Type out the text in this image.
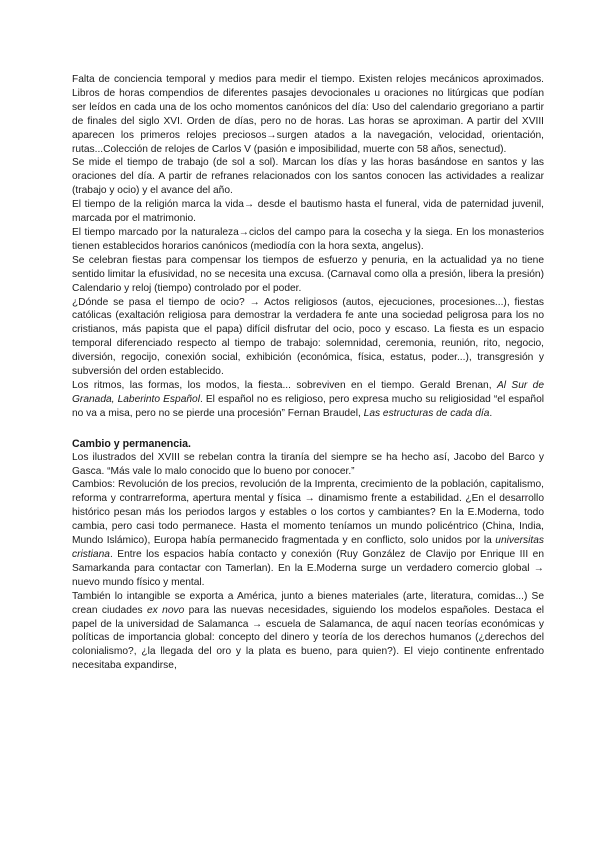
Falta de conciencia temporal y medios para medir el tiempo. Existen relojes mecánicos aproximados. Libros de horas compendios de diferentes pasajes devocionales u oraciones no litúrgicas que podían ser leídos en cada una de los ocho momentos canónicos del día: Uso del calendario gregoriano a partir de finales del siglo XVI. Orden de días, pero no de horas. Las horas se aproximan. A partir del XVIII aparecen los primeros relojes preciosos→surgen atados a la navegación, velocidad, orientación, rutas...Colección de relojes de Carlos V (pasión e imposibilidad, muerte con 58 años, senectud).

Se mide el tiempo de trabajo (de sol a sol). Marcan los días y las horas basándose en santos y las oraciones del día. A partir de refranes relacionados con los santos conocen las actividades a realizar (trabajo y ocio) y el avance del año.

El tiempo de la religión marca la vida→ desde el bautismo hasta el funeral, vida de paternidad juvenil, marcada por el matrimonio.

El tiempo marcado por la naturaleza→ciclos del campo para la cosecha y la siega. En los monasterios tienen establecidos horarios canónicos (mediodía con la hora sexta, angelus).

Se celebran fiestas para compensar los tiempos de esfuerzo y penuria, en la actualidad ya no tiene sentido limitar la efusividad, no se necesita una excusa. (Carnaval como olla a presión, libera la presión) Calendario y reloj (tiempo) controlado por el poder.

¿Dónde se pasa el tiempo de ocio? → Actos religiosos (autos, ejecuciones, procesiones...), fiestas católicas (exaltación religiosa para demostrar la verdadera fe ante una sociedad peligrosa para los no cristianos, más papista que el papa) difícil disfrutar del ocio, poco y escaso. La fiesta es un espacio temporal diferenciado respecto al tiempo de trabajo: solemnidad, ceremonia, reunión, rito, negocio, diversión, regocijo, conexión social, exhibición (económica, física, estatus, poder...), transgresión y subversión del orden establecido.

Los ritmos, las formas, los modos, la fiesta... sobreviven en el tiempo. Gerald Brenan, Al Sur de Granada, Laberinto Español. El español no es religioso, pero expresa mucho su religiosidad “el español no va a misa, pero no se pierde una procesión” Fernan Braudel, Las estructuras de cada día.

Cambio y permanencia.

Los ilustrados del XVIII se rebelan contra la tiranía del siempre se ha hecho así, Jacobo del Barco y Gasca. “Más vale lo malo conocido que lo bueno por conocer.”

Cambios: Revolución de los precios, revolución de la Imprenta, crecimiento de la población, capitalismo, reforma y contrarreforma, apertura mental y física → dinamismo frente a estabilidad. ¿En el desarrollo histórico pesan más los periodos largos y estables o los cortos y cambiantes? En la E.Moderna, todo cambia, pero casi todo permanece. Hasta el momento teníamos un mundo policéntrico (China, India, Mundo Islámico), Europa había permanecido fragmentada y en conflicto, solo unidos por la universitas cristiana. Entre los espacios había contacto y conexión (Ruy González de Clavijo por Enrique III en Samarkanda para contactar con Tamerlan). En la E.Moderna surge un verdadero comercio global → nuevo mundo físico y mental.

También lo intangible se exporta a América, junto a bienes materiales (arte, literatura, comidas...) Se crean ciudades ex novo para las nuevas necesidades, siguiendo los modelos españoles. Destaca el papel de la universidad de Salamanca → escuela de Salamanca, de aquí nacen teorías económicas y políticas de importancia global: concepto del dinero y teoría de los derechos humanos (¿derechos del colonialismo?, ¿la llegada del oro y la plata es bueno, para quien?). El viejo continente enfrentado necesitaba expandirse,
